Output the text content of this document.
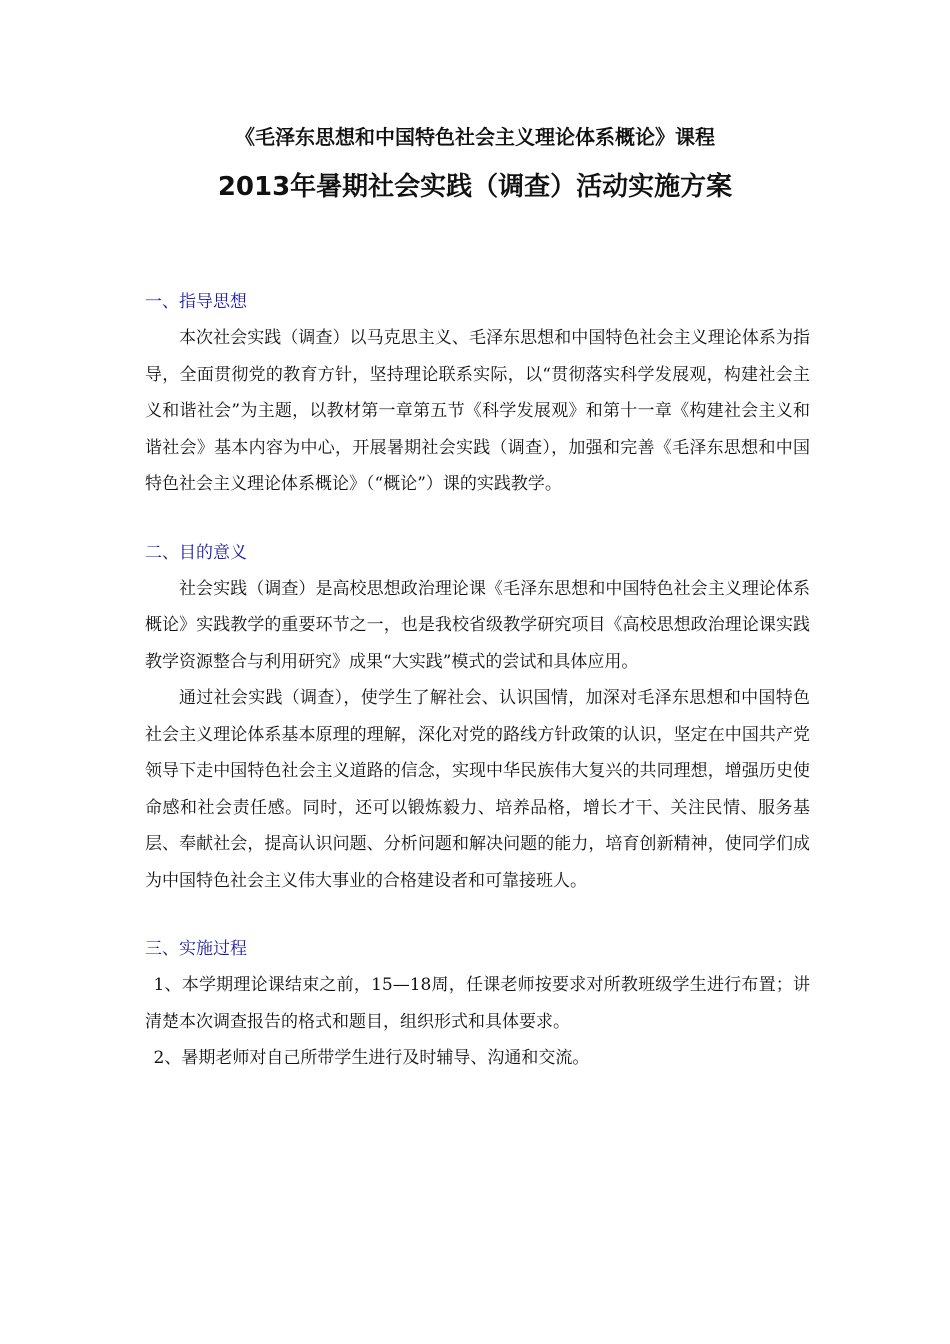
《毛泽东思想和中国特色社会主义理论体系概论》课程
2013年暑期社会实践（调查）活动实施方案

一、指导思想

本次社会实践（调查）以马克思主义、毛泽东思想和中国特色社会主义理论体系为指导，全面贯彻党的教育方针，坚持理论联系实际，以“贯彻落实科学发展观，构建社会主义和谐社会”为主题，以教材第一章第五节《科学发展观》和第十一章《构建社会主义和谐社会》基本内容为中心，开展暑期社会实践（调查），加强和完善《毛泽东思想和中国特色社会主义理论体系概论》（“概论”）课的实践教学。

二、目的意义

社会实践（调查）是高校思想政治理论课《毛泽东思想和中国特色社会主义理论体系概论》实践教学的重要环节之一，也是我校省级教学研究项目《高校思想政治理论课实践教学资源整合与利用研究》成果“大实践”模式的尝试和具体应用。

通过社会实践（调查），使学生了解社会、认识国情，加深对毛泽东思想和中国特色社会主义理论体系基本原理的理解，深化对党的路线方针政策的认识，坚定在中国共产党领导下走中国特色社会主义道路的信念，实现中华民族伟大复兴的共同理想，增强历史使命感和社会责任感。同时，还可以锻炼毅力、培养品格，增长才干、关注民情、服务基层、奉献社会，提高认识问题、分析问题和解决问题的能力，培育创新精神，使同学们成为中国特色社会主义伟大事业的合格建设者和可靠接班人。

三、实施过程

1、本学期理论课结束之前，15—18周，任课老师按要求对所教班级学生进行布置；讲清楚本次调查报告的格式和题目，组织形式和具体要求。

2、暑期老师对自己所带学生进行及时辅导、沟通和交流。
